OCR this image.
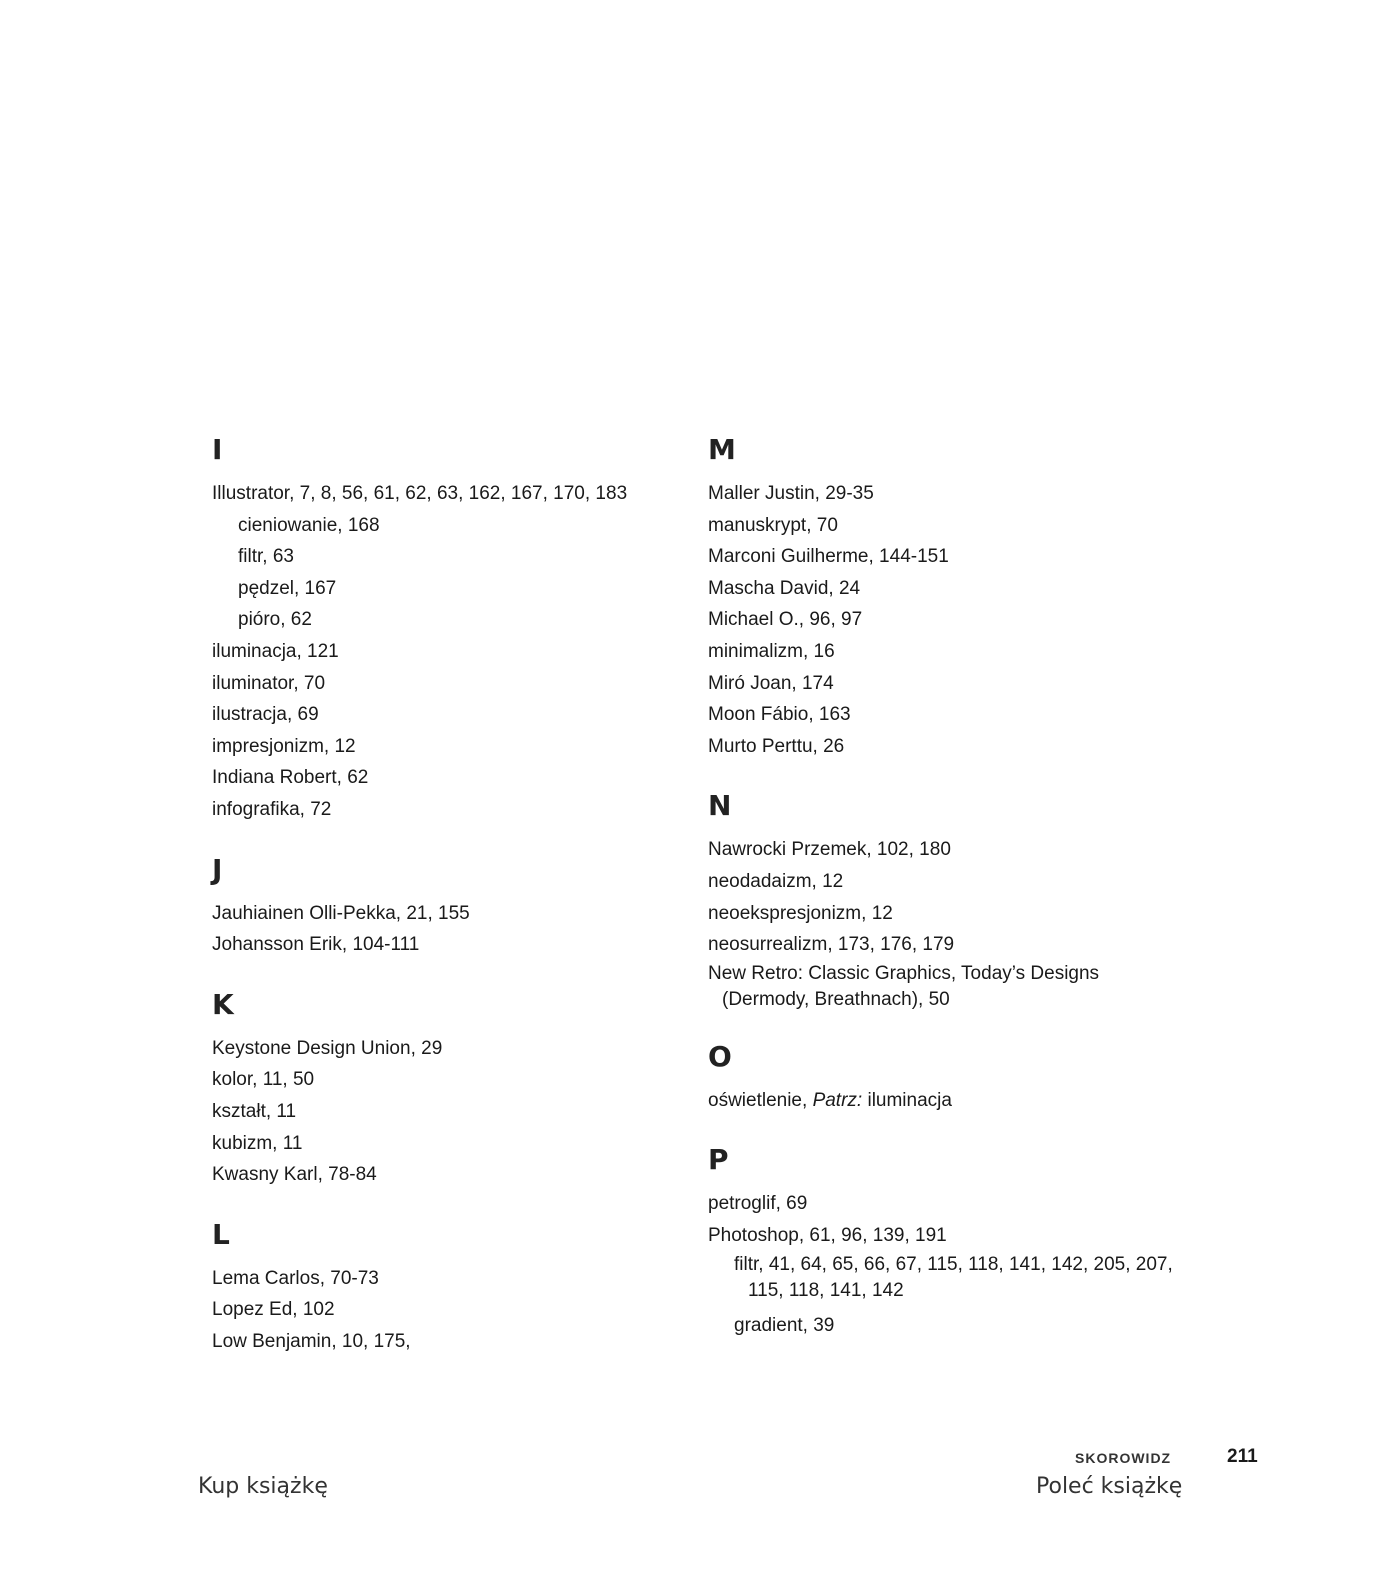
I
Illustrator, 7, 8, 56, 61, 62, 63, 162, 167, 170, 183
cieniowanie, 168
filtr, 63
pędzel, 167
pióro, 62
iluminacja, 121
iluminator, 70
ilustracja, 69
impresjonizm, 12
Indiana Robert, 62
infografika, 72
J
Jauhiainen Olli-Pekka, 21, 155
Johansson Erik, 104-111
K
Keystone Design Union, 29
kolor, 11, 50
kształt, 11
kubizm, 11
Kwasny Karl, 78-84
L
Lema Carlos, 70-73
Lopez Ed, 102
Low Benjamin, 10, 175,
M
Maller Justin, 29-35
manuskrypt, 70
Marconi Guilherme, 144-151
Mascha David, 24
Michael O., 96, 97
minimalizm, 16
Miró Joan, 174
Moon Fábio, 163
Murto Perttu, 26
N
Nawrocki Przemek, 102, 180
neodadaizm, 12
neoekspresjonizm, 12
neosurrealizm, 173, 176, 179
New Retro: Classic Graphics, Today’s Designs (Dermody, Breathnach), 50
O
oświetlenie, Patrz: iluminacja
P
petroglif, 69
Photoshop, 61, 96, 139, 191
filtr, 41, 64, 65, 66, 67, 115, 118, 141, 142, 205, 207, 115, 118, 141, 142
gradient, 39
SKOROWIDZ	211
Kup książkę	Poleć książkę
